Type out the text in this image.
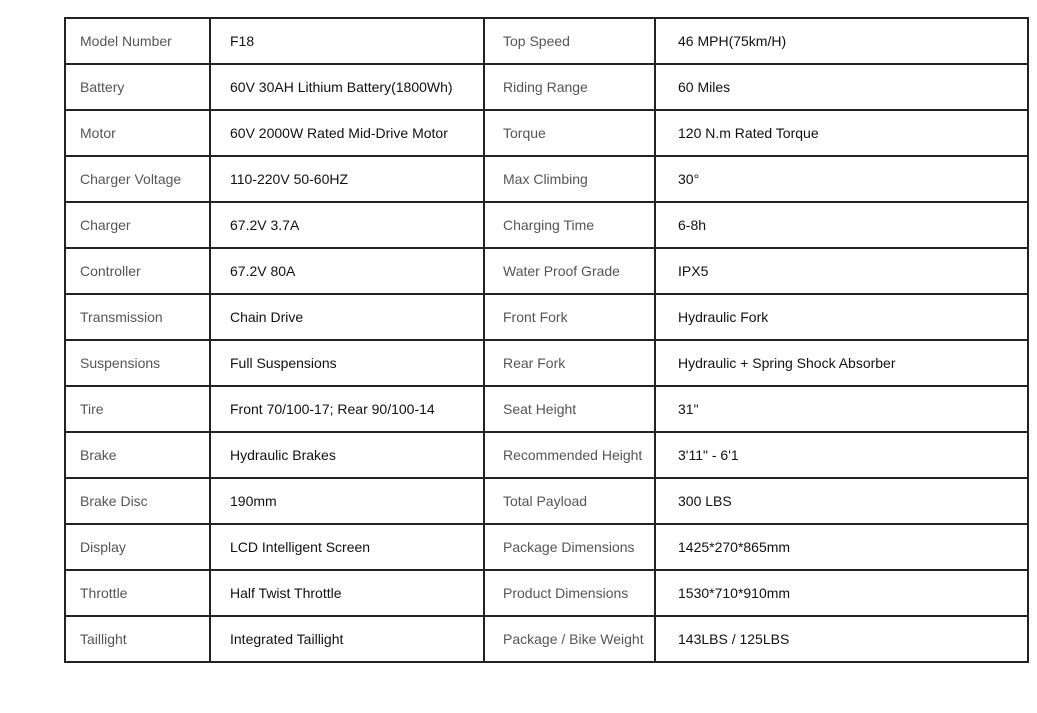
Model Number	F18	Top Speed	46 MPH(75km/H)
Battery	60V 30AH Lithium Battery(1800Wh)	Riding Range	60 Miles
Motor	60V 2000W Rated Mid-Drive Motor	Torque	120 N.m Rated Torque
Charger Voltage	110-220V 50-60HZ	Max Climbing	30°
Charger	67.2V 3.7A	Charging Time	6-8h
Controller	67.2V 80A	Water Proof Grade	IPX5
Transmission	Chain Drive	Front Fork	Hydraulic Fork
Suspensions	Full Suspensions	Rear Fork	Hydraulic + Spring Shock Absorber
Tire	Front 70/100-17; Rear 90/100-14	Seat Height	31"
Brake	Hydraulic Brakes	Recommended Height	3'11" - 6'1
Brake Disc	190mm	Total Payload	300 LBS
Display	LCD Intelligent Screen	Package Dimensions	1425*270*865mm
Throttle	Half Twist Throttle	Product Dimensions	1530*710*910mm
Taillight	Integrated Taillight	Package / Bike Weight	143LBS / 125LBS
